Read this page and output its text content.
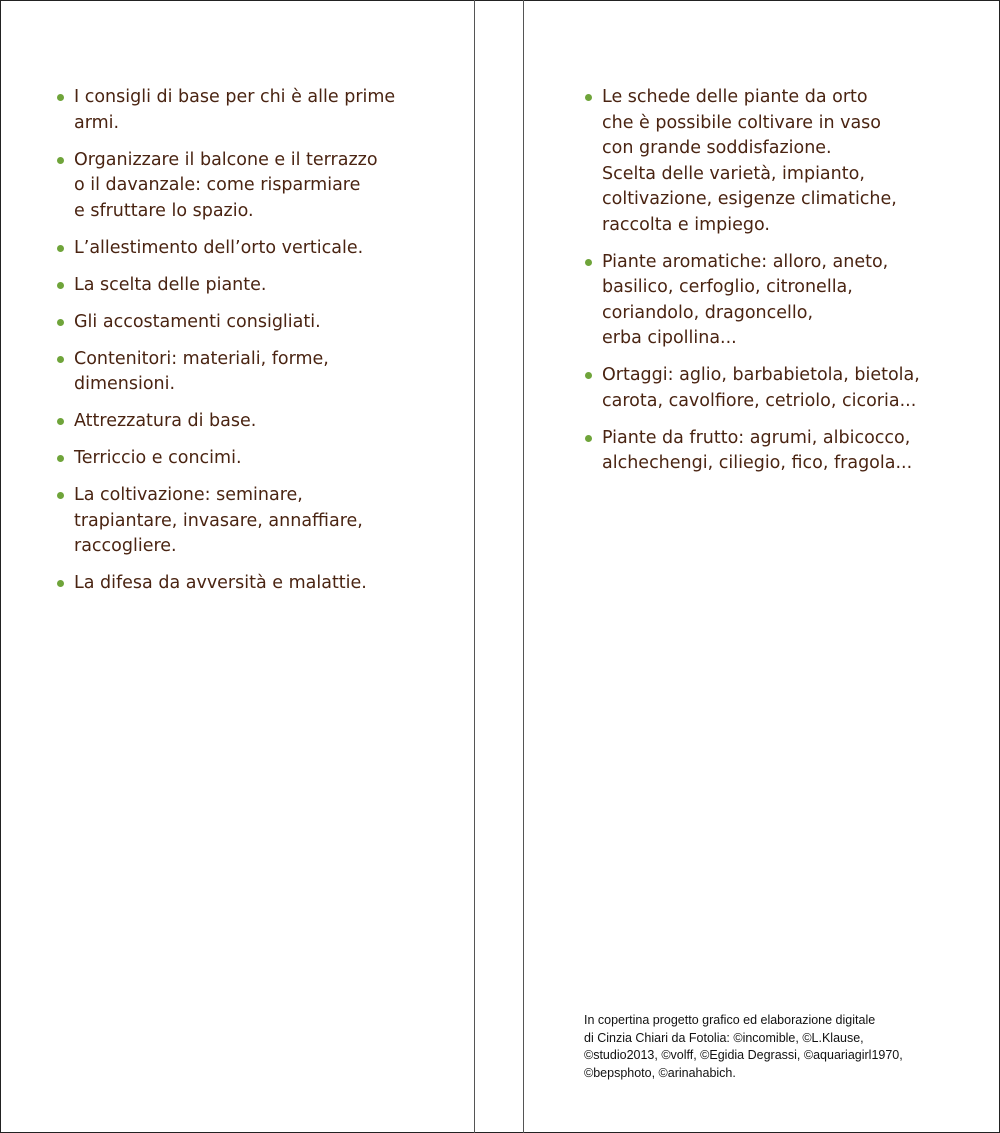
I consigli di base per chi è alle prime
armi.
Organizzare il balcone e il terrazzo
o il davanzale: come risparmiare
e sfruttare lo spazio.
L’allestimento dell’orto verticale.
La scelta delle piante.
Gli accostamenti consigliati.
Contenitori: materiali, forme,
dimensioni.
Attrezzatura di base.
Terriccio e concimi.
La coltivazione: seminare,
trapiantare, invasare, annaffiare,
raccogliere.
La difesa da avversità e malattie.
Le schede delle piante da orto
che è possibile coltivare in vaso
con grande soddisfazione.
Scelta delle varietà, impianto,
coltivazione, esigenze climatiche,
raccolta e impiego.
Piante aromatiche: alloro, aneto,
basilico, cerfoglio, citronella,
coriandolo, dragoncello,
erba cipollina...
Ortaggi: aglio, barbabietola, bietola,
carota, cavolfiore, cetriolo, cicoria...
Piante da frutto: agrumi, albicocco,
alchechengi, ciliegio, fico, fragola...
In copertina progetto grafico ed elaborazione digitale
di Cinzia Chiari da Fotolia: ©incomible, ©L.Klause,
©studio2013, ©volff, ©Egidia Degrassi, ©aquariagirl1970,
©bepsphoto, ©arinahabich.
